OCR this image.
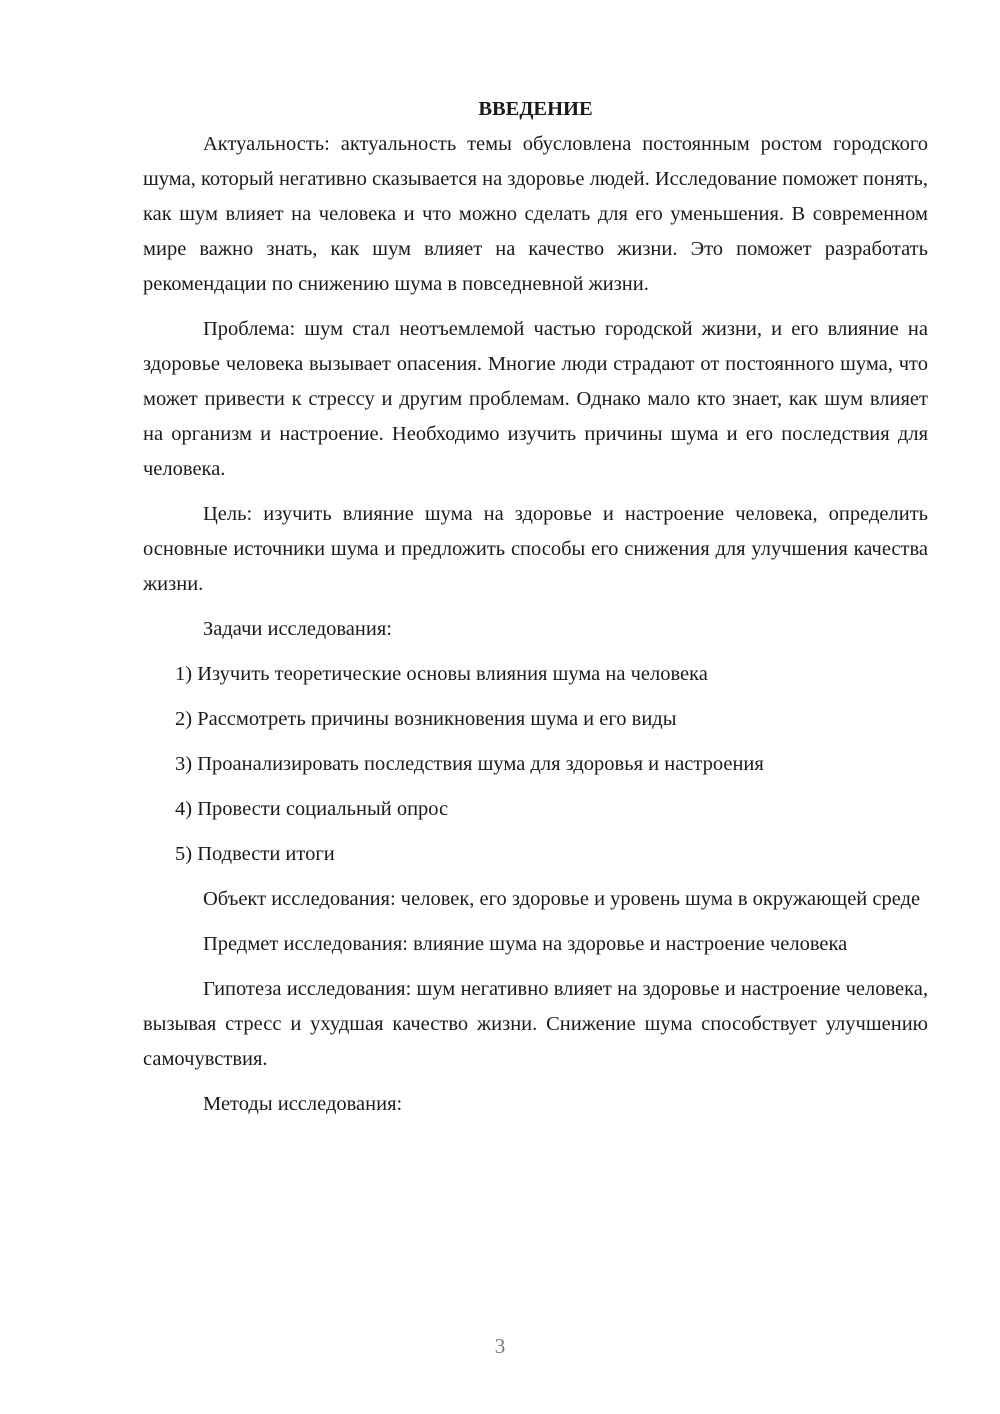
ВВЕДЕНИЕ

Актуальность: актуальность темы обусловлена постоянным ростом городского шума, который негативно сказывается на здоровье людей. Исследование поможет понять, как шум влияет на человека и что можно сделать для его уменьшения. В современном мире важно знать, как шум влияет на качество жизни. Это поможет разработать рекомендации по снижению шума в повседневной жизни.

Проблема: шум стал неотъемлемой частью городской жизни, и его влияние на здоровье человека вызывает опасения. Многие люди страдают от постоянного шума, что может привести к стрессу и другим проблемам. Однако мало кто знает, как шум влияет на организм и настроение. Необходимо изучить причины шума и его последствия для человека.

Цель: изучить влияние шума на здоровье и настроение человека, определить основные источники шума и предложить способы его снижения для улучшения качества жизни.

Задачи исследования:

1) Изучить теоретические основы влияния шума на человека
2) Рассмотреть причины возникновения шума и его виды
3) Проанализировать последствия шума для здоровья и настроения
4) Провести социальный опрос
5) Подвести итоги

Объект исследования: человек, его здоровье и уровень шума в окружающей среде

Предмет исследования: влияние шума на здоровье и настроение человека

Гипотеза исследования: шум негативно влияет на здоровье и настроение человека, вызывая стресс и ухудшая качество жизни. Снижение шума способствует улучшению самочувствия.

Методы исследования:

3
